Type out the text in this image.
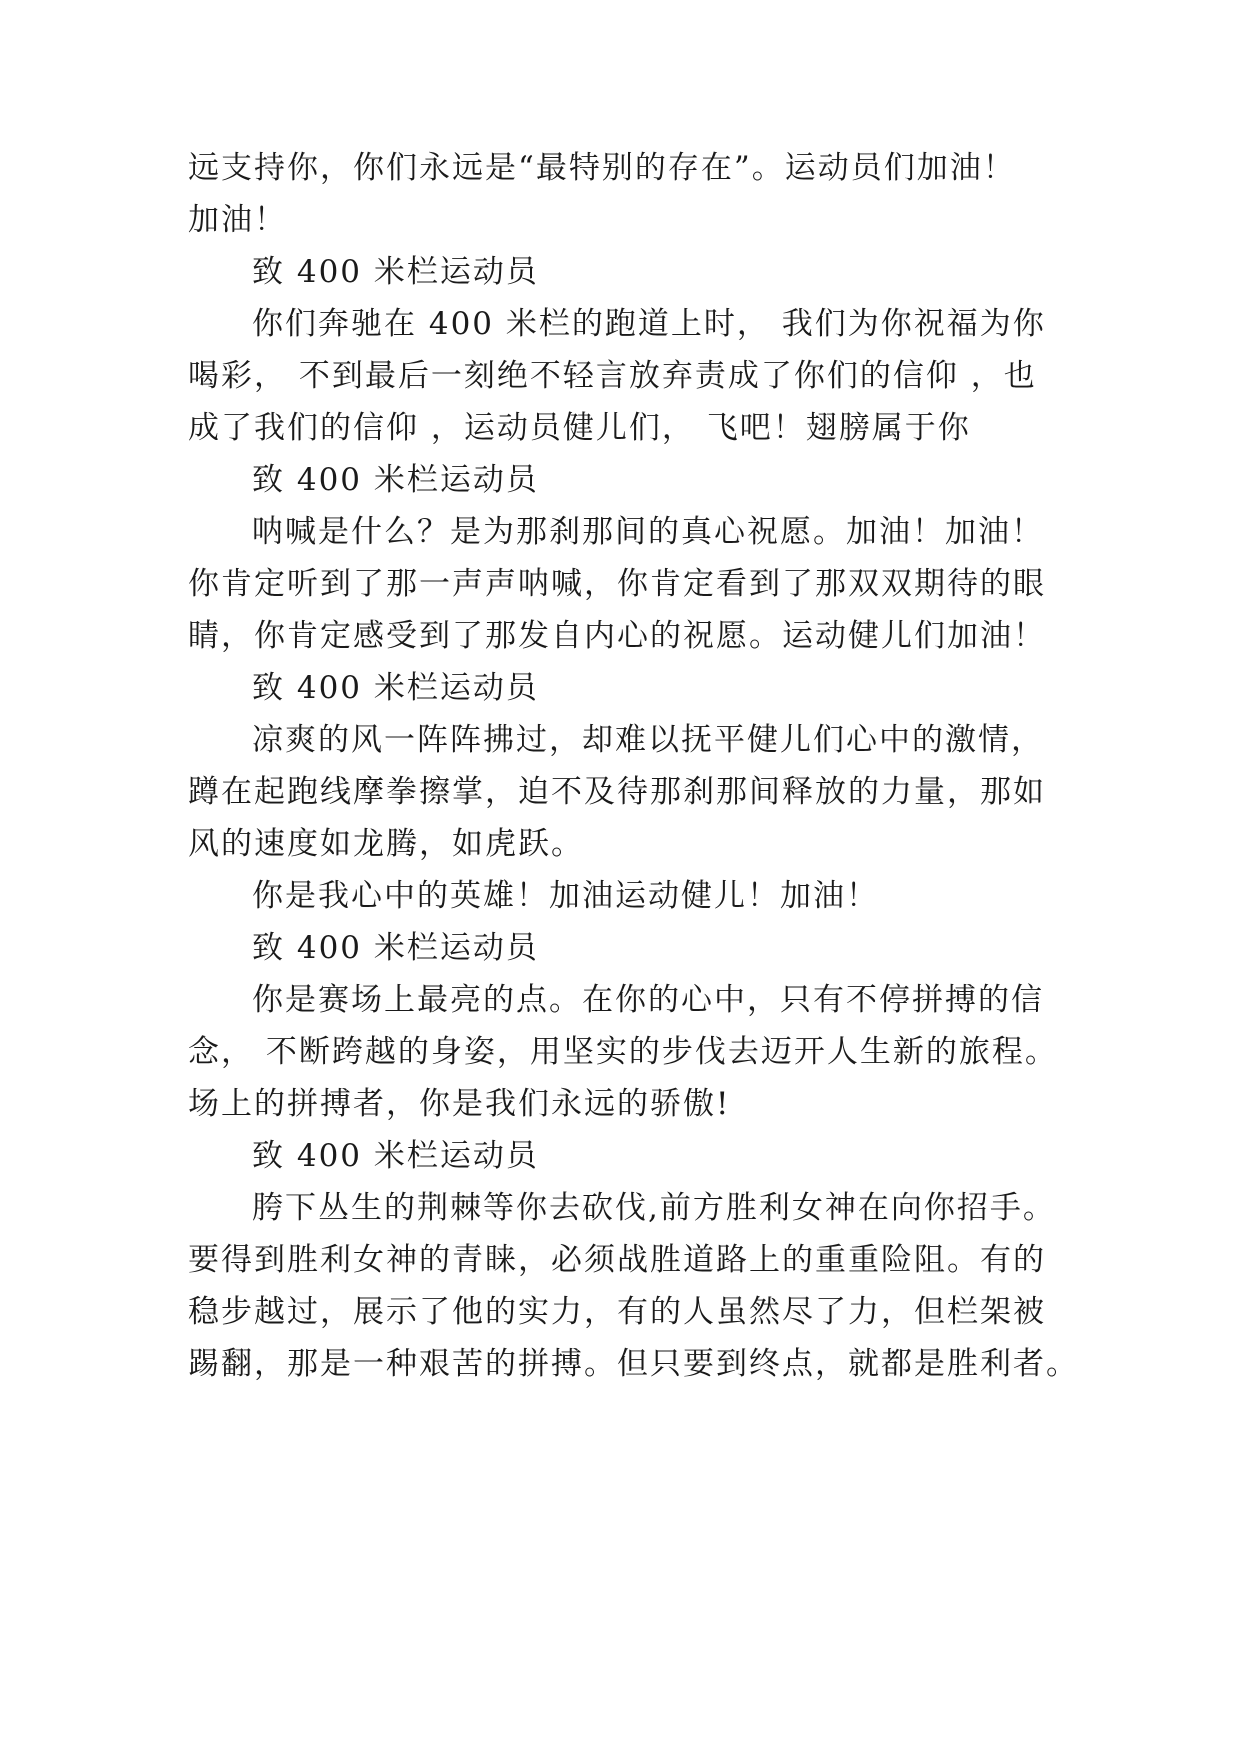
远支持你，你们永远是“最特别的存在”。运动员们加油！
加油！
致 400 米栏运动员
你们奔驰在 400 米栏的跑道上时， 我们为你祝福为你
喝彩， 不到最后一刻绝不轻言放弃责成了你们的信仰 ，也
成了我们的信仰 ，运动员健儿们， 飞吧！翅膀属于你
致 400 米栏运动员
呐喊是什么？是为那刹那间的真心祝愿。加油！加油！
你肯定听到了那一声声呐喊，你肯定看到了那双双期待的眼
睛，你肯定感受到了那发自内心的祝愿。运动健儿们加油！
致 400 米栏运动员
凉爽的风一阵阵拂过，却难以抚平健儿们心中的激情，
蹲在起跑线摩拳擦掌，迫不及待那刹那间释放的力量，那如
风的速度如龙腾，如虎跃。
你是我心中的英雄！加油运动健儿！加油！
致 400 米栏运动员
你是赛场上最亮的点。在你的心中，只有不停拼搏的信
念， 不断跨越的身姿，用坚实的步伐去迈开人生新的旅程。
场上的拼搏者，你是我们永远的骄傲!
致 400 米栏运动员
胯下丛生的荆棘等你去砍伐,前方胜利女神在向你招手。
要得到胜利女神的青睐，必须战胜道路上的重重险阻。有的
稳步越过，展示了他的实力，有的人虽然尽了力，但栏架被
踢翻，那是一种艰苦的拼搏。但只要到终点，就都是胜利者。
